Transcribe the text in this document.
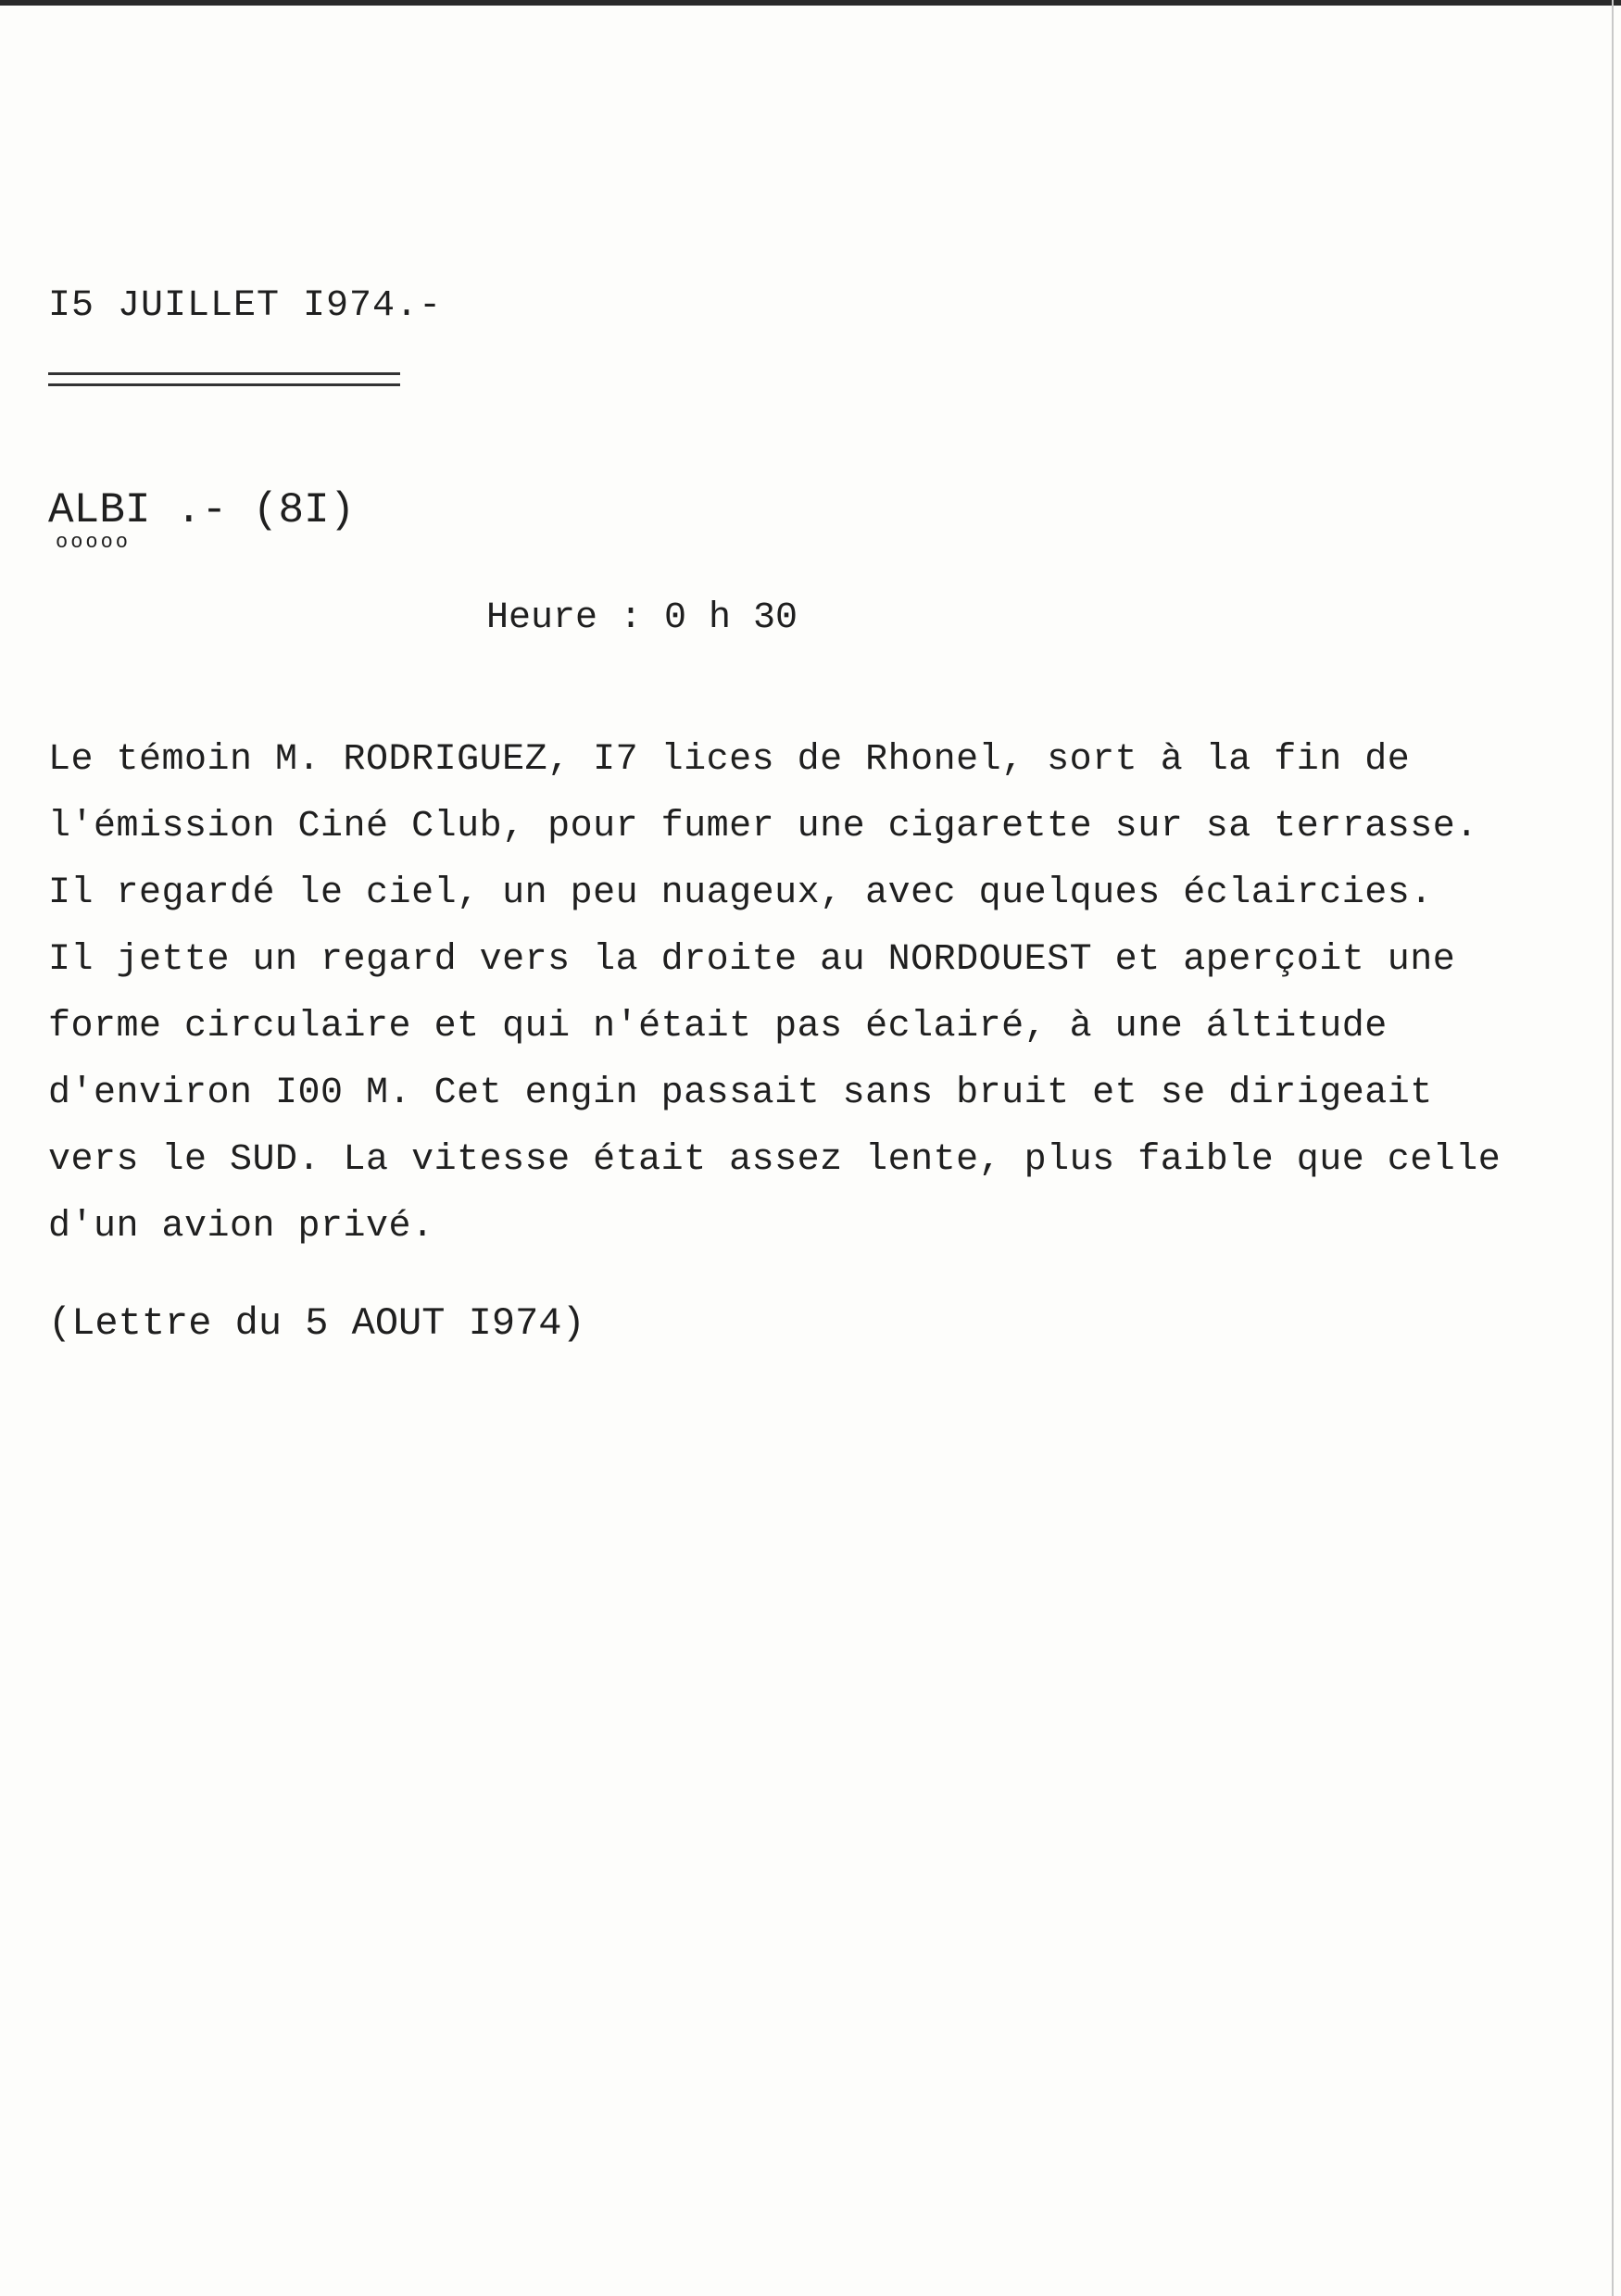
I5 JUILLET I974.-
ALBI .- (8I)
ooooo
Heure : 0 h 30
Le témoin M. RODRIGUEZ, I7 lices de Rhonel, sort à la fin de
l'émission Ciné Club, pour fumer une cigarette sur sa terrasse.
Il regardé le ciel, un peu nuageux, avec quelques éclaircies.
Il jette un regard vers la droite au NORDOUEST et aperçoit une
forme circulaire et qui n'était pas éclairé, à une áltitude
d'environ I00 M. Cet engin passait sans bruit et se dirigeait
vers le SUD. La vitesse était assez lente, plus faible que celle
d'un avion privé.
(Lettre du 5 AOUT I974)
